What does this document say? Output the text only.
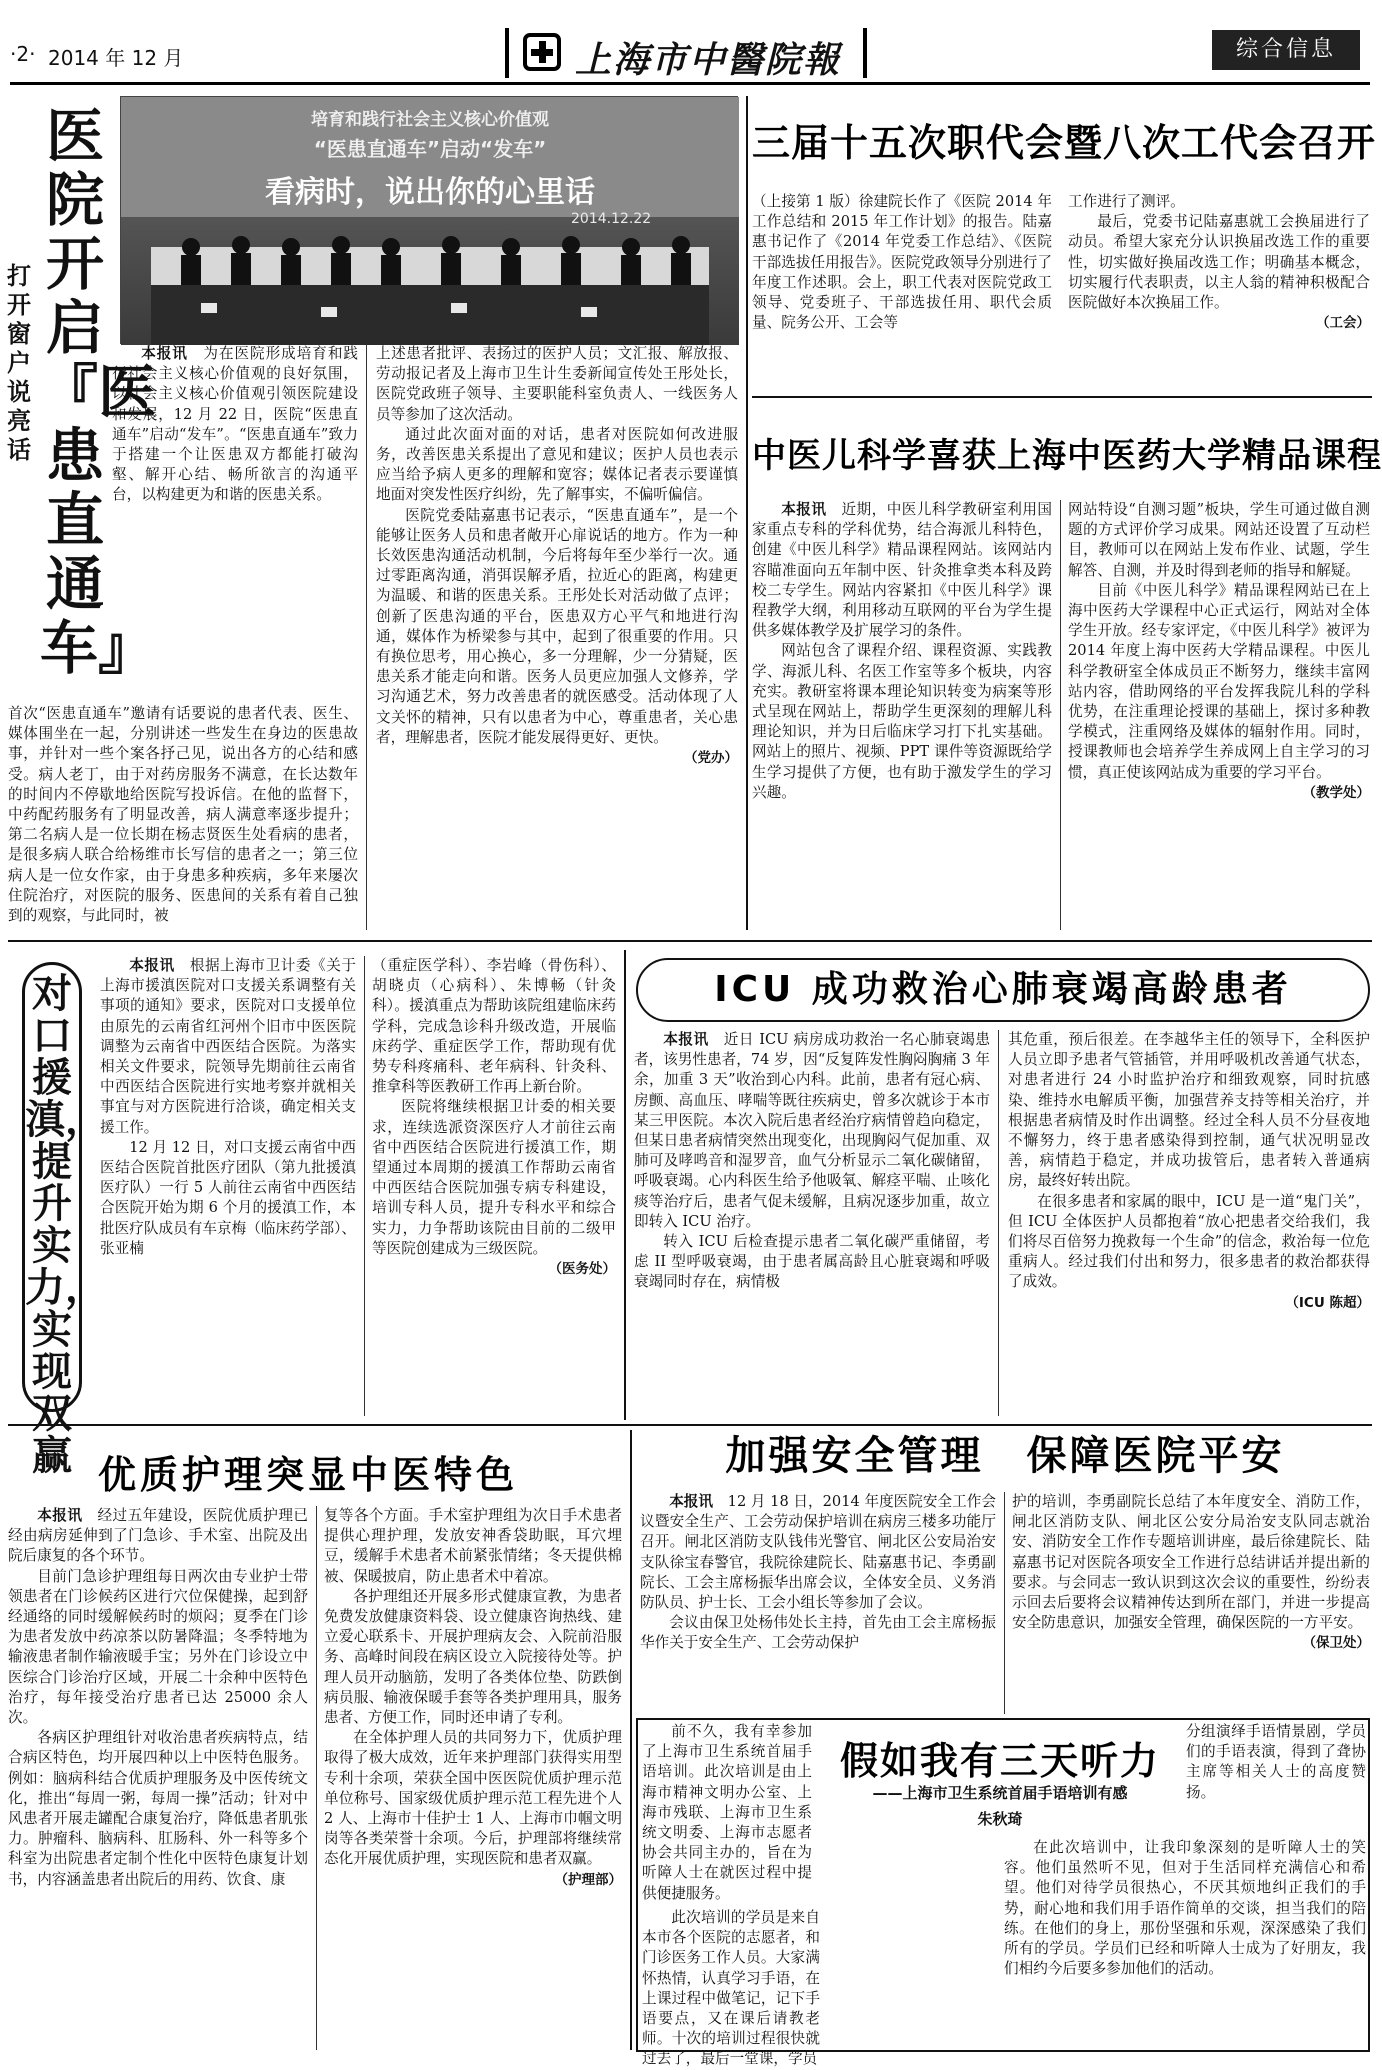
·2· 2014 年 12 月	上海市中醫院報	综合信息
培育和践行社会主义核心价值观
“医患直通车”启动“发车”
看病时，说出你的心里话
2014.12.22
医院开启『医患直通车』
打开窗户说亮话

本报讯　 为在医院形成培育和践行社会主义核心价值观的良好氛围，以社会主义核心价值观引领医院建设和发展，12 月 22 日，医院“医患直通车”启动“发车”。“医患直通车”致力于搭建一个让医患双方都能打破沟壑、解开心结、畅所欲言的沟通平台，以构建更为和谐的医患关系。

首次“医患直通车”邀请有话要说的患者代表、医生、媒体围坐在一起，分别讲述一些发生在身边的医患故事，并针对一些个案各抒己见，说出各方的心结和感受。病人老丁，由于对药房服务不满意，在长达数年的时间内不停歇地给医院写投诉信。在他的监督下，中药配药服务有了明显改善，病人满意率逐步提升；第二名病人是一位长期在杨志贤医生处看病的患者，是很多病人联合给杨维市长写信的患者之一；第三位病人是一位女作家，由于身患多种疾病，多年来屡次住院治疗，对医院的服务、医患间的关系有着自己独到的观察，与此同时，被

上述患者批评、表扬过的医护人员；文汇报、解放报、劳动报记者及上海市卫生计生委新闻宣传处王彤处长，医院党政班子领导、主要职能科室负责人、一线医务人员等参加了这次活动。

通过此次面对面的对话，患者对医院如何改进服务，改善医患关系提出了意见和建议；医护人员也表示应当给予病人更多的理解和宽容；媒体记者表示要谨慎地面对突发性医疗纠纷，先了解事实，不偏听偏信。

医院党委陆嘉惠书记表示，“医患直通车”，是一个能够让医务人员和患者敞开心扉说话的地方。作为一种长效医患沟通活动机制，今后将每年至少举行一次。通过零距离沟通，消弭误解矛盾，拉近心的距离，构建更为温暖、和谐的医患关系。王彤处长对活动做了点评；创新了医患沟通的平台，医患双方心平气和地进行沟通，媒体作为桥梁参与其中，起到了很重要的作用。只有换位思考，用心换心，多一分理解，少一分猜疑，医患关系才能走向和谐。医务人员更应加强人文修养，学习沟通艺术，努力改善患者的就医感受。活动体现了人文关怀的精神，只有以患者为中心，尊重患者，关心患者，理解患者，医院才能发展得更好、更快。

（党办）
三届十五次职代会暨八次工代会召开

（上接第 1 版）徐建院长作了《医院 2014 年工作总结和 2015 年工作计划》的报告。陆嘉惠书记作了《2014 年党委工作总结》、《医院干部选拔任用报告》。医院党政领导分别进行了年度工作述职。会上，职工代表对医院党政工领导、党委班子、干部选拔任用、职代会质量、院务公开、工会等

工作进行了测评。

最后，党委书记陆嘉惠就工会换届进行了动员。希望大家充分认识换届改选工作的重要性，切实做好换届改选工作；明确基本概念，切实履行代表职责，以主人翁的精神积极配合医院做好本次换届工作。

（工会）
中医儿科学喜获上海中医药大学精品课程

本报讯　 近期，中医儿科学教研室利用国家重点专科的学科优势，结合海派儿科特色，创建《中医儿科学》精品课程网站。该网站内容瞄准面向五年制中医、针灸推拿类本科及跨校二专学生。网站内容紧扣《中医儿科学》课程教学大纲，利用移动互联网的平台为学生提供多媒体教学及扩展学习的条件。

网站包含了课程介绍、课程资源、实践教学、海派儿科、名医工作室等多个板块，内容充实。教研室将课本理论知识转变为病案等形式呈现在网站上，帮助学生更深刻的理解儿科理论知识，并为日后临床学习打下扎实基础。网站上的照片、视频、PPT 课件等资源既给学生学习提供了方便，也有助于激发学生的学习兴趣。

网站特设“自测习题”板块，学生可通过做自测题的方式评价学习成果。网站还设置了互动栏目，教师可以在网站上发布作业、试题，学生解答、自测，并及时得到老师的指导和解疑。

目前《中医儿科学》精品课程网站已在上海中医药大学课程中心正式运行，网站对全体学生开放。经专家评定，《中医儿科学》被评为 2014 年度上海中医药大学精品课程。中医儿科学教研室全体成员正不断努力，继续丰富网站内容，借助网络的平台发挥我院儿科的学科优势，在注重理论授课的基础上，探讨多种教学模式，注重网络及媒体的辐射作用。同时，授课教师也会培养学生养成网上自主学习的习惯，真正使该网站成为重要的学习平台。

（教学处）
对口援滇，提升实力，实现双赢

本报讯　 根据上海市卫计委《关于上海市援滇医院对口支援关系调整有关事项的通知》要求，医院对口支援单位由原先的云南省红河州个旧市中医医院调整为云南省中西医结合医院。为落实相关文件要求，院领导先期前往云南省中西医结合医院进行实地考察并就相关事宜与对方医院进行洽谈，确定相关支援工作。

12 月 12 日，对口支援云南省中西医结合医院首批医疗团队（第九批援滇医疗队）一行 5 人前往云南省中西医结合医院开始为期 6 个月的援滇工作，本批医疗队成员有车京梅（临床药学部）、张亚楠

（重症医学科）、李岩峰（骨伤科）、胡晓贞（心病科）、朱博畅（针灸科）。援滇重点为帮助该院组建临床药学科，完成急诊科升级改造，开展临床药学、重症医学工作，帮助现有优势专科疼痛科、老年病科、针灸科、推拿科等医教研工作再上新台阶。

医院将继续根据卫计委的相关要求，连续选派资深医疗人才前往云南省中西医结合医院进行援滇工作，期望通过本周期的援滇工作帮助云南省中西医结合医院加强专病专科建设，培训专科人员，提升专科水平和综合实力，力争帮助该院由目前的二级甲等医院创建成为三级医院。

（医务处）
ICU 成功救治心肺衰竭高龄患者

本报讯　 近日 ICU 病房成功救治一名心肺衰竭患者，该男性患者，74 岁，因“反复阵发性胸闷胸痛 3 年余，加重 3 天”收治到心内科。此前，患者有冠心病、房颤、高血压、哮喘等既往疾病史，曾多次就诊于本市某三甲医院。本次入院后患者经治疗病情曾趋向稳定，但某日患者病情突然出现变化，出现胸闷气促加重、双肺可及哮鸣音和湿罗音，血气分析显示二氧化碳储留，呼吸衰竭。心内科医生给予他吸氧、解痉平喘、止咳化痰等治疗后，患者气促未缓解，且病况逐步加重，故立即转入 ICU 治疗。

转入 ICU 后检查提示患者二氧化碳严重储留，考虑 II 型呼吸衰竭，由于患者属高龄且心脏衰竭和呼吸衰竭同时存在，病情极

其危重，预后很差。在李越华主任的领导下，全科医护人员立即予患者气管插管，并用呼吸机改善通气状态，对患者进行 24 小时监护治疗和细致观察，同时抗感染、维持水电解质平衡，加强营养支持等相关治疗，并根据患者病情及时作出调整。经过全科人员不分昼夜地不懈努力，终于患者感染得到控制，通气状况明显改善，病情趋于稳定，并成功拔管后，患者转入普通病房，最终好转出院。

在很多患者和家属的眼中，ICU 是一道“鬼门关”，但 ICU 全体医护人员都抱着“放心把患者交给我们，我们将尽百倍努力挽救每一个生命”的信念，救治每一位危重病人。经过我们付出和努力，很多患者的救治都获得了成效。

（ICU 陈超）
优质护理突显中医特色

本报讯　 经过五年建设，医院优质护理已经由病房延伸到了门急诊、手术室、出院及出院后康复的各个环节。

目前门急诊护理组每日两次由专业护士带领患者在门诊候药区进行穴位保健操，起到舒经通络的同时缓解候药时的烦闷；夏季在门诊为患者发放中药凉茶以防暑降温；冬季特地为输液患者制作输液暖手宝；另外在门诊设立中医综合门诊治疗区域，开展二十余种中医特色治疗，每年接受治疗患者已达 25000 余人次。

各病区护理组针对收治患者疾病特点，结合病区特色，均开展四种以上中医特色服务。例如：脑病科结合优质护理服务及中医传统文化，推出“每周一粥，每周一操”活动；针对中风患者开展走罐配合康复治疗，降低患者肌张力。肿瘤科、脑病科、肛肠科、外一科等多个科室为出院患者定制个性化中医特色康复计划书，内容涵盖患者出院后的用药、饮食、康

复等各个方面。手术室护理组为次日手术患者提供心理护理，发放安神香袋助眠，耳穴埋豆，缓解手术患者术前紧张情绪；冬天提供棉被、保暖披肩，防止患者术中着凉。

各护理组还开展多形式健康宣教，为患者免费发放健康资料袋、设立健康咨询热线、建立爱心联系卡、开展护理病友会、入院前沿服务、高峰时间段在病区设立入院接待处等。护理人员开动脑筋，发明了各类体位垫、防跌倒病员服、输液保暖手套等各类护理用具，服务患者、方便工作，同时还申请了专利。

在全体护理人员的共同努力下，优质护理取得了极大成效，近年来护理部门获得实用型专利十余项，荣获全国中医医院优质护理示范单位称号、国家级优质护理示范工程先进个人 2 人、上海市十佳护士 1 人、上海市巾帼文明岗等各类荣誉十余项。今后，护理部将继续常态化开展优质护理，实现医院和患者双赢。

（护理部）
加强安全管理　保障医院平安

本报讯　 12 月 18 日，2014 年度医院安全工作会议暨安全生产、工会劳动保护培训在病房三楼多功能厅召开。闸北区消防支队钱伟光警官、闸北区公安局治安支队徐宝春警官，我院徐建院长、陆嘉惠书记、李勇副院长、工会主席杨振华出席会议，全体安全员、义务消防队员、护士长、工会小组长等参加了会议。

会议由保卫处杨伟处长主持，首先由工会主席杨振华作关于安全生产、工会劳动保护

护的培训，李勇副院长总结了本年度安全、消防工作，闸北区消防支队、闸北区公安分局治安支队同志就治安、消防安全工作作专题培训讲座，最后徐建院长、陆嘉惠书记对医院各项安全工作进行总结讲话并提出新的要求。与会同志一致认识到这次会议的重要性，纷纷表示回去后要将会议精神传达到所在部门，并进一步提高安全防患意识，加强安全管理，确保医院的一方平安。

（保卫处）
假如我有三天听力
——上海市卫生系统首届手语培训有感
朱秋琦

前不久，我有幸参加了上海市卫生系统首届手语培训。此次培训是由上海市精神文明办公室、上海市残联、上海市卫生系统文明委、上海市志愿者协会共同主办的，旨在为听障人士在就医过程中提供便捷服务。

此次培训的学员是来自本市各个医院的志愿者，和门诊医务工作人员。大家满怀热情，认真学习手语，在上课过程中做笔记，记下手语要点，又在课后请教老师。十次的培训过程很快就过去了，最后一堂课，学员

分组演绎手语情景剧，学员们的手语表演，得到了聋协主席等相关人士的高度赞扬。

在此次培训中，让我印象深刻的是听障人士的笑容。他们虽然听不见，但对于生活同样充满信心和希望。他们对待学员很热心，不厌其烦地纠正我们的手势，耐心地和我们用手语作简单的交谈，担当我们的陪练。在他们的身上，那份坚强和乐观，深深感染了我们所有的学员。学员们已经和听障人士成为了好朋友，我们相约今后要多参加他们的活动。
